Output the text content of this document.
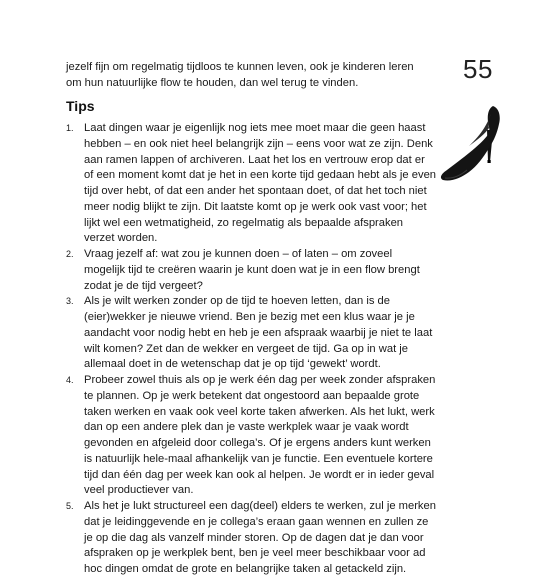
55

jezelf fijn om regelmatig tijdloos te kunnen leven, ook je kinderen leren om hun natuurlijke flow te houden, dan wel terug te vinden.

Tips
1. Laat dingen waar je eigenlijk nog iets mee moet maar die geen haast hebben – en ook niet heel belangrijk zijn – eens voor wat ze zijn. Denk aan ramen lappen of archiveren. Laat het los en vertrouw erop dat er of een moment komt dat je het in een korte tijd gedaan hebt als je even tijd over hebt, of dat een ander het spontaan doet, of dat het toch niet meer nodig blijkt te zijn. Dit laatste komt op je werk ook vast voor; het lijkt wel een wetmatigheid, zo regelmatig als bepaalde afspraken verzet worden.
2. Vraag jezelf af: wat zou je kunnen doen – of laten – om zoveel mogelijk tijd te creëren waarin je kunt doen wat je in een flow brengt zodat je de tijd vergeet?
3. Als je wilt werken zonder op de tijd te hoeven letten, dan is de (eier)wekker je nieuwe vriend. Ben je bezig met een klus waar je je aandacht voor nodig hebt en heb je een afspraak waarbij je niet te laat wilt komen? Zet dan de wekker en vergeet de tijd. Ga op in wat je allemaal doet in de wetenschap dat je op tijd ‘gewekt’ wordt.
4. Probeer zowel thuis als op je werk één dag per week zonder afspraken te plannen. Op je werk betekent dat ongestoord aan bepaalde grote taken werken en vaak ook veel korte taken afwerken. Als het lukt, werk dan op een andere plek dan je vaste werkplek waar je vaak wordt gevonden en afgeleid door collega’s. Of je ergens anders kunt werken is natuurlijk hele-maal afhankelijk van je functie. Een eventuele kortere tijd dan één dag per week kan ook al helpen. Je wordt er in ieder geval veel productiever van.
5. Als het je lukt structureel een dag(deel) elders te werken, zul je merken dat je leidinggevende en je collega’s eraan gaan wennen en zullen ze je op die dag als vanzelf minder storen. Op de dagen dat je dan voor afspraken op je werkplek bent, ben je veel meer beschikbaar voor ad hoc dingen omdat de grote en belangrijke taken al getackeld zijn.
